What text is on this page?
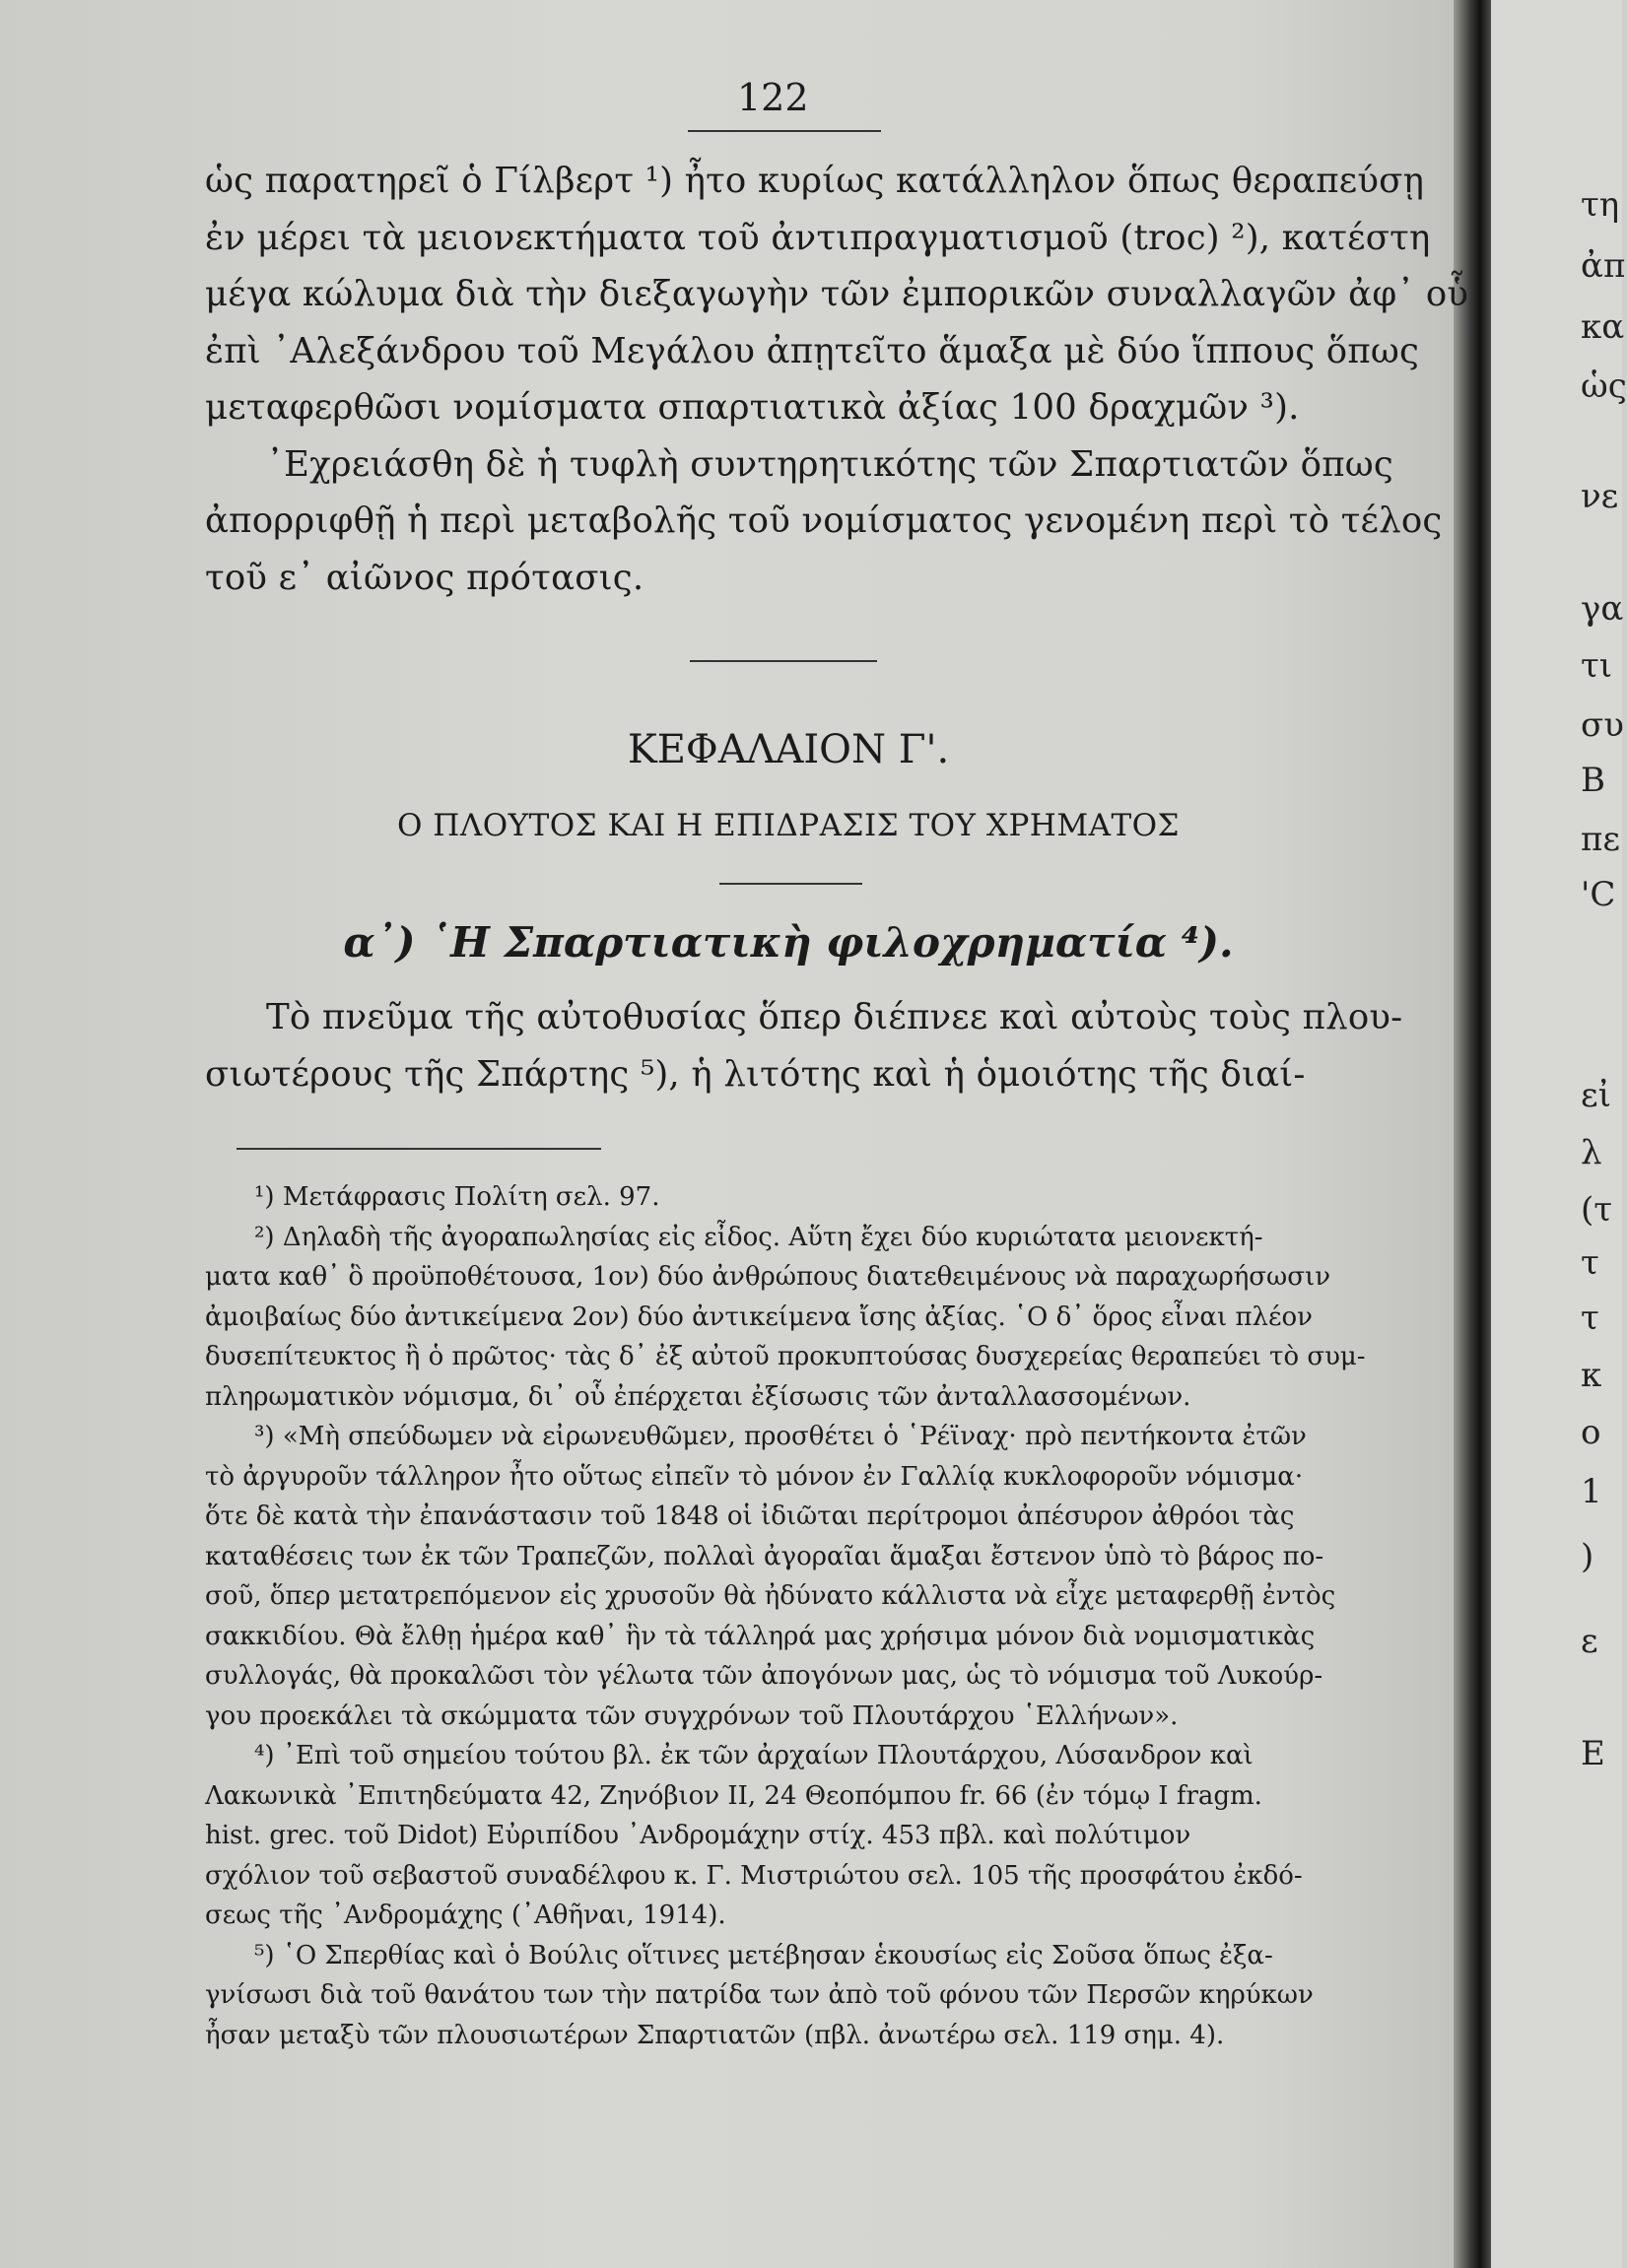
122
ὡς παρατηρεῖ ὁ Γίλβερτ ¹) ἦτο κυρίως κατάλληλον ὅπως θεραπεύσῃ
ἐν μέρει τὰ μειονεκτήματα τοῦ ἀντιπραγματισμοῦ (troc) ²), κατέστη
μέγα κώλυμα διὰ τὴν διεξαγωγὴν τῶν ἐμπορικῶν συναλλαγῶν ἀφ᾽ οὗ
ἐπὶ ᾽Αλεξάνδρου τοῦ Μεγάλου ἀπῃτεῖτο ἅμαξα μὲ δύο ἵππους ὅπως
μεταφερθῶσι νομίσματα σπαρτιατικὰ ἀξίας 100 δραχμῶν ³).
᾽Εχρειάσθη δὲ ἡ τυφλὴ συντηρητικότης τῶν Σπαρτιατῶν ὅπως
ἀπορριφθῇ ἡ περὶ μεταβολῆς τοῦ νομίσματος γενομένη περὶ τὸ τέλος
τοῦ ε᾽ αἰῶνος πρότασις.
ΚΕΦΑΛΑΙΟΝ Γ'.
Ο ΠΛΟΥΤΟΣ ΚΑΙ Η ΕΠΙΔΡΑΣΙΣ ΤΟΥ ΧΡΗΜΑΤΟΣ
α᾽) ῾Η Σπαρτιατικὴ φιλοχρηματία ⁴).
Τὸ πνεῦμα τῆς αὐτοθυσίας ὅπερ διέπνεε καὶ αὐτοὺς τοὺς πλου-
σιωτέρους τῆς Σπάρτης ⁵), ἡ λιτότης καὶ ἡ ὁμοιότης τῆς διαί-
¹) Μετάφρασις Πολίτη σελ. 97.
²) Δηλαδὴ τῆς ἀγοραπωλησίας εἰς εἶδος. Αὕτη ἔχει δύο κυριώτατα μειονεκτή-
ματα καθ᾽ ὃ προϋποθέτουσα, 1ον) δύο ἀνθρώπους διατεθειμένους νὰ παραχωρήσωσιν
ἀμοιβαίως δύο ἀντικείμενα 2ον) δύο ἀντικείμενα ἴσης ἀξίας. ῾Ο δ᾽ ὅρος εἶναι πλέον
δυσεπίτευκτος ἢ ὁ πρῶτος· τὰς δ᾽ ἐξ αὐτοῦ προκυπτούσας δυσχερείας θεραπεύει τὸ συμ-
πληρωματικὸν νόμισμα, δι᾽ οὗ ἐπέρχεται ἐξίσωσις τῶν ἀνταλλασσομένων.
³) «Μὴ σπεύδωμεν νὰ εἰρωνευθῶμεν, προσθέτει ὁ ῾Ρέϊναχ· πρὸ πεντήκοντα ἐτῶν
τὸ ἀργυροῦν τάλληρον ἦτο οὕτως εἰπεῖν τὸ μόνον ἐν Γαλλίᾳ κυκλοφοροῦν νόμισμα·
ὅτε δὲ κατὰ τὴν ἐπανάστασιν τοῦ 1848 οἱ ἰδιῶται περίτρομοι ἀπέσυρον ἀθρόοι τὰς
καταθέσεις των ἐκ τῶν Τραπεζῶν, πολλαὶ ἀγοραῖαι ἅμαξαι ἔστενον ὑπὸ τὸ βάρος πο-
σοῦ, ὅπερ μετατρεπόμενον εἰς χρυσοῦν θὰ ἠδύνατο κάλλιστα νὰ εἶχε μεταφερθῇ ἐντὸς
σακκιδίου. Θὰ ἔλθῃ ἡμέρα καθ᾽ ἣν τὰ τάλληρά μας χρήσιμα μόνον διὰ νομισματικὰς
συλλογάς, θὰ προκαλῶσι τὸν γέλωτα τῶν ἀπογόνων μας, ὡς τὸ νόμισμα τοῦ Λυκούρ-
γου προεκάλει τὰ σκώμματα τῶν συγχρόνων τοῦ Πλουτάρχου ῾Ελλήνων».
⁴) ᾽Επὶ τοῦ σημείου τούτου βλ. ἐκ τῶν ἀρχαίων Πλουτάρχου, Λύσανδρον καὶ
Λακωνικὰ ᾽Επιτηδεύματα 42, Ζηνόβιον II, 24 Θεοπόμπου fr. 66 (ἐν τόμῳ I fragm.
hist. grec. τοῦ Didot) Εὐριπίδου ᾽Ανδρομάχην στίχ. 453 πβλ. καὶ πολύτιμον
σχόλιον τοῦ σεβαστοῦ συναδέλφου κ. Γ. Μιστριώτου σελ. 105 τῆς προσφάτου ἐκδό-
σεως τῆς ᾽Ανδρομάχης (᾽Αθῆναι, 1914).
⁵) ῾Ο Σπερθίας καὶ ὁ Βούλις οἵτινες μετέβησαν ἑκουσίως εἰς Σοῦσα ὅπως ἐξα-
γνίσωσι διὰ τοῦ θανάτου των τὴν πατρίδα των ἀπὸ τοῦ φόνου τῶν Περσῶν κηρύκων
ἦσαν μεταξὺ τῶν πλουσιωτέρων Σπαρτιατῶν (πβλ. ἀνωτέρω σελ. 119 σημ. 4).
τη
ἀπ
κα
ὡς
νε
γα
τι
συ
Β
πε
'C
εἰ
λ
(τ
τ
τ
κ
ο
1
)
ε
Ε
